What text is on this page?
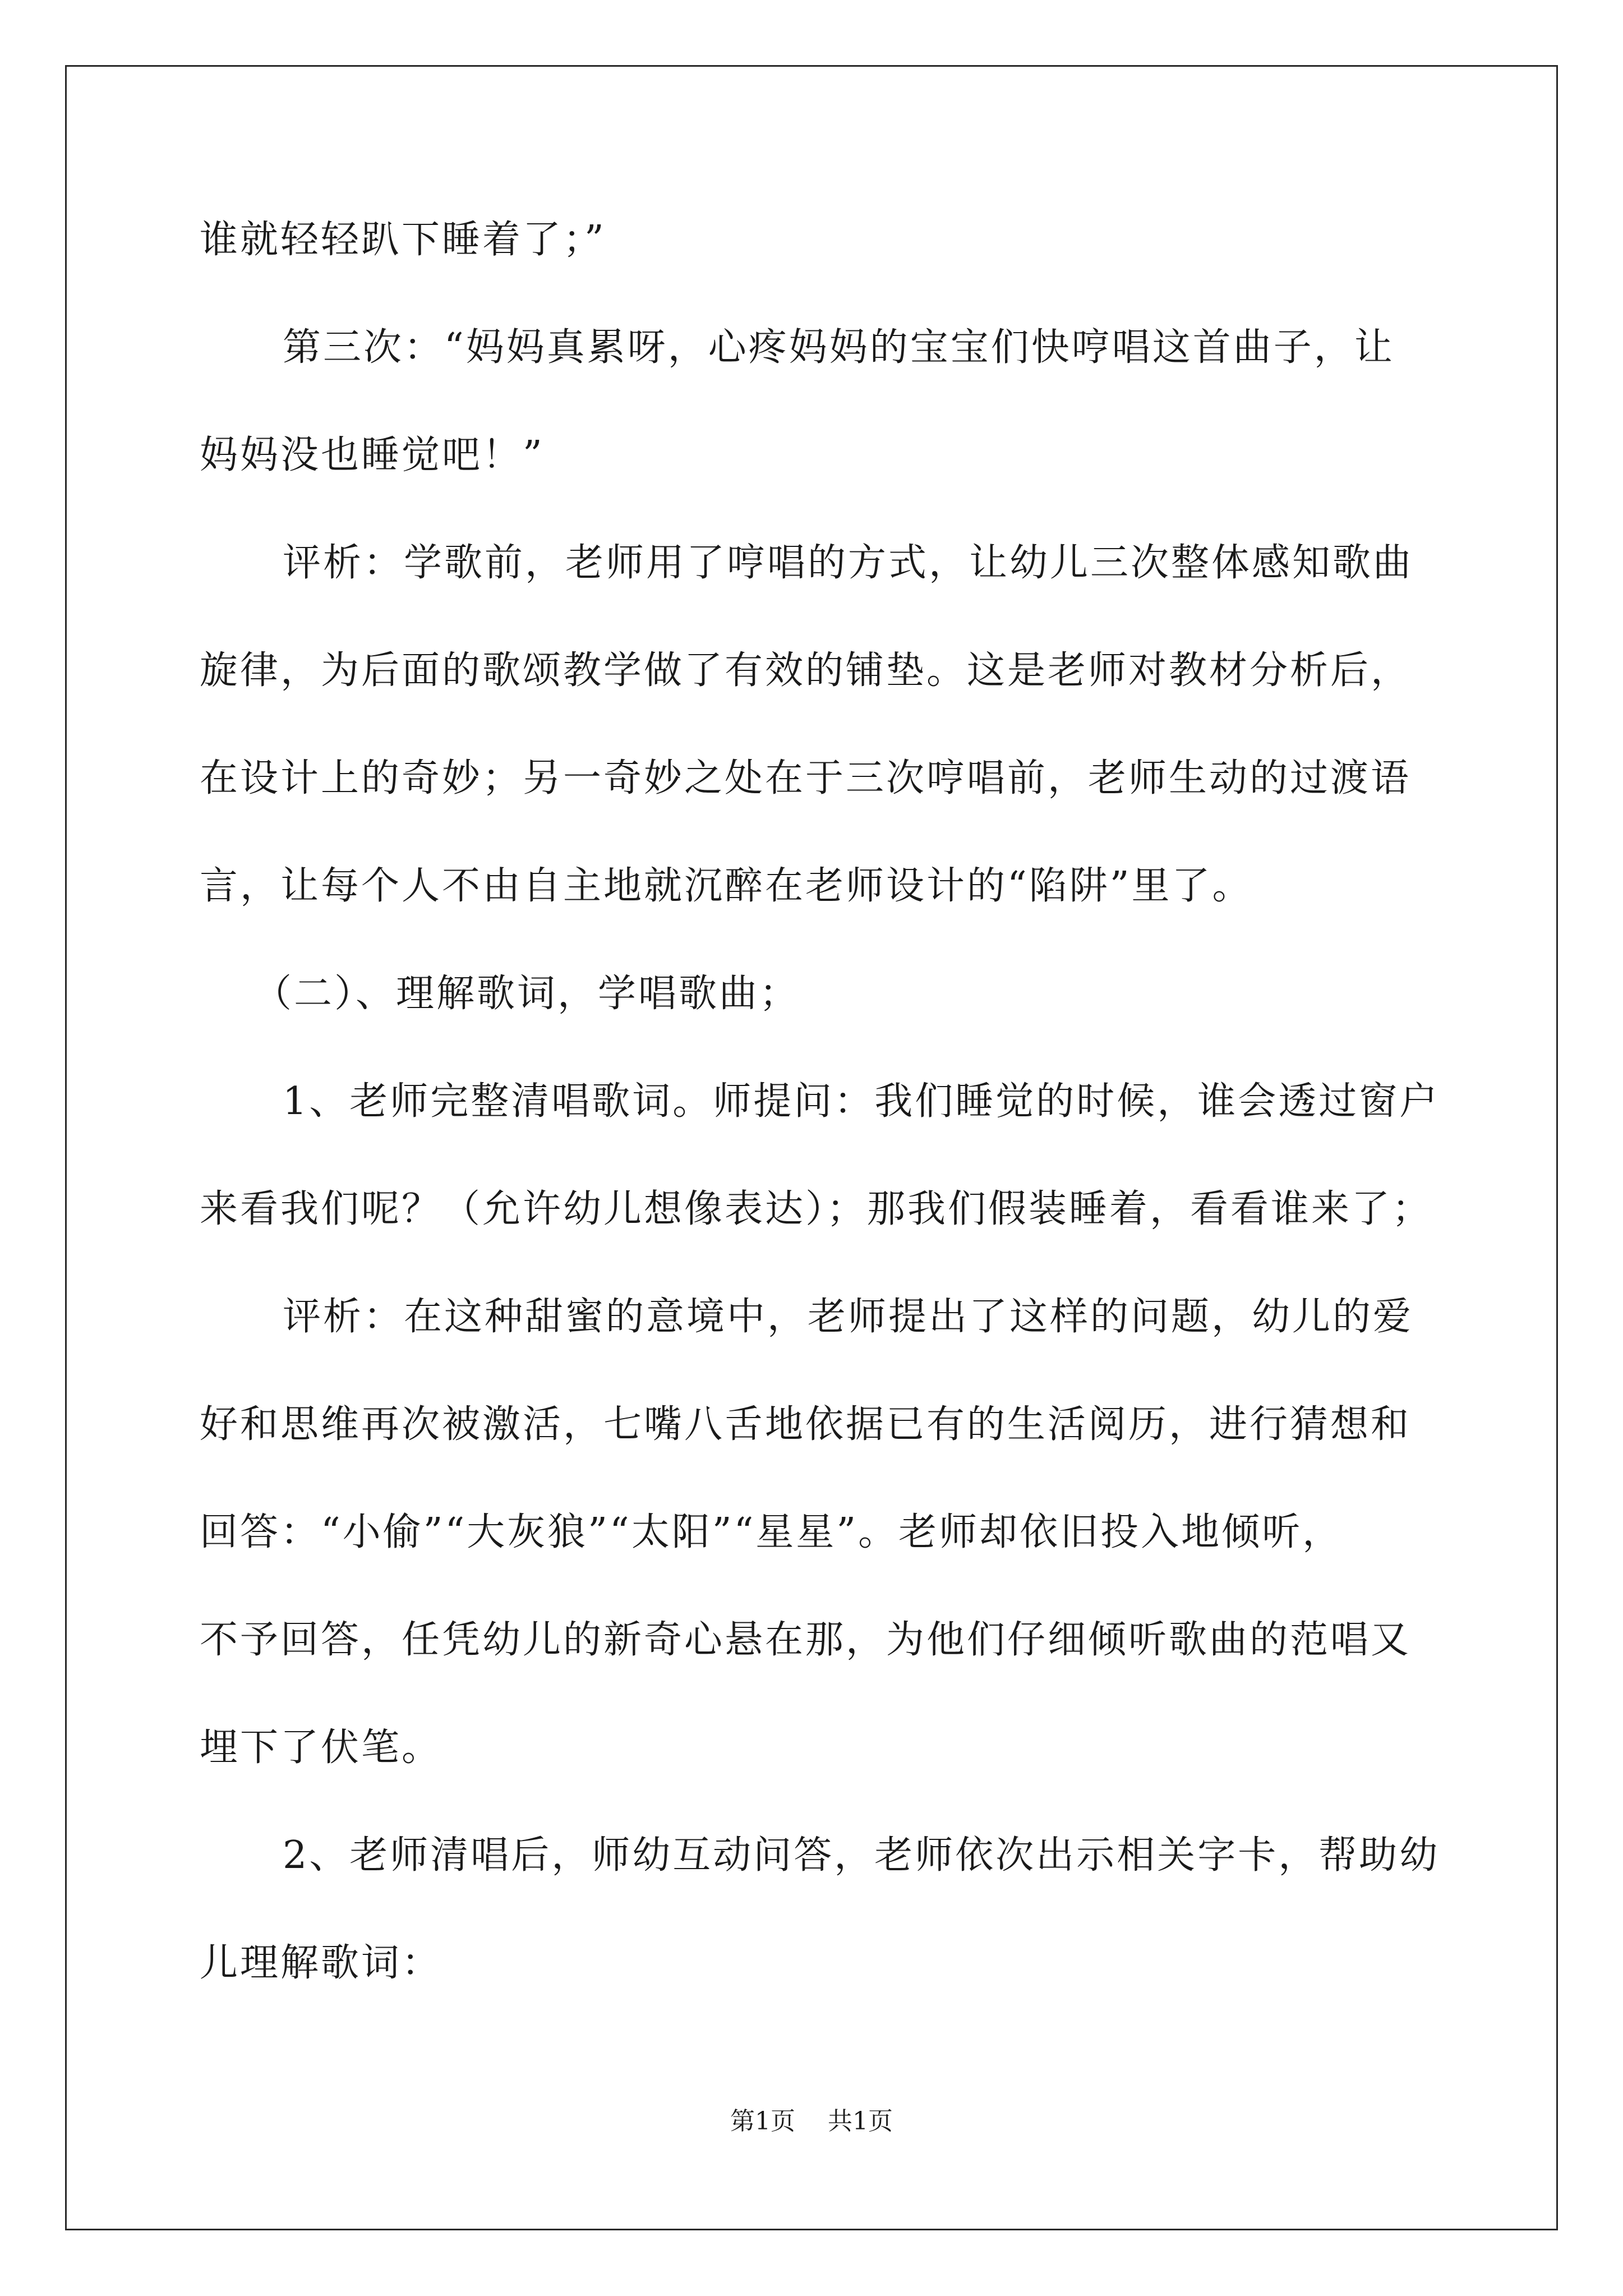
谁就轻轻趴下睡着了；”
第三次：“妈妈真累呀，心疼妈妈的宝宝们快哼唱这首曲子，让
妈妈没也睡觉吧！”
评析：学歌前，老师用了哼唱的方式，让幼儿三次整体感知歌曲
旋律，为后面的歌颂教学做了有效的铺垫。这是老师对教材分析后，
在设计上的奇妙；另一奇妙之处在于三次哼唱前，老师生动的过渡语
言，让每个人不由自主地就沉醉在老师设计的“陷阱”里了。
（二）、理解歌词，学唱歌曲；
1、老师完整清唱歌词。师提问：我们睡觉的时候，谁会透过窗户
来看我们呢？（允许幼儿想像表达）；那我们假装睡着，看看谁来了；
评析：在这种甜蜜的意境中，老师提出了这样的问题，幼儿的爱
好和思维再次被激活，七嘴八舌地依据已有的生活阅历，进行猜想和
回答：“小偷”“大灰狼”“太阳”“星星”。老师却依旧投入地倾听，
不予回答，任凭幼儿的新奇心悬在那，为他们仔细倾听歌曲的范唱又
埋下了伏笔。
2、老师清唱后，师幼互动问答，老师依次出示相关字卡，帮助幼
儿理解歌词：
第1页 共1页
